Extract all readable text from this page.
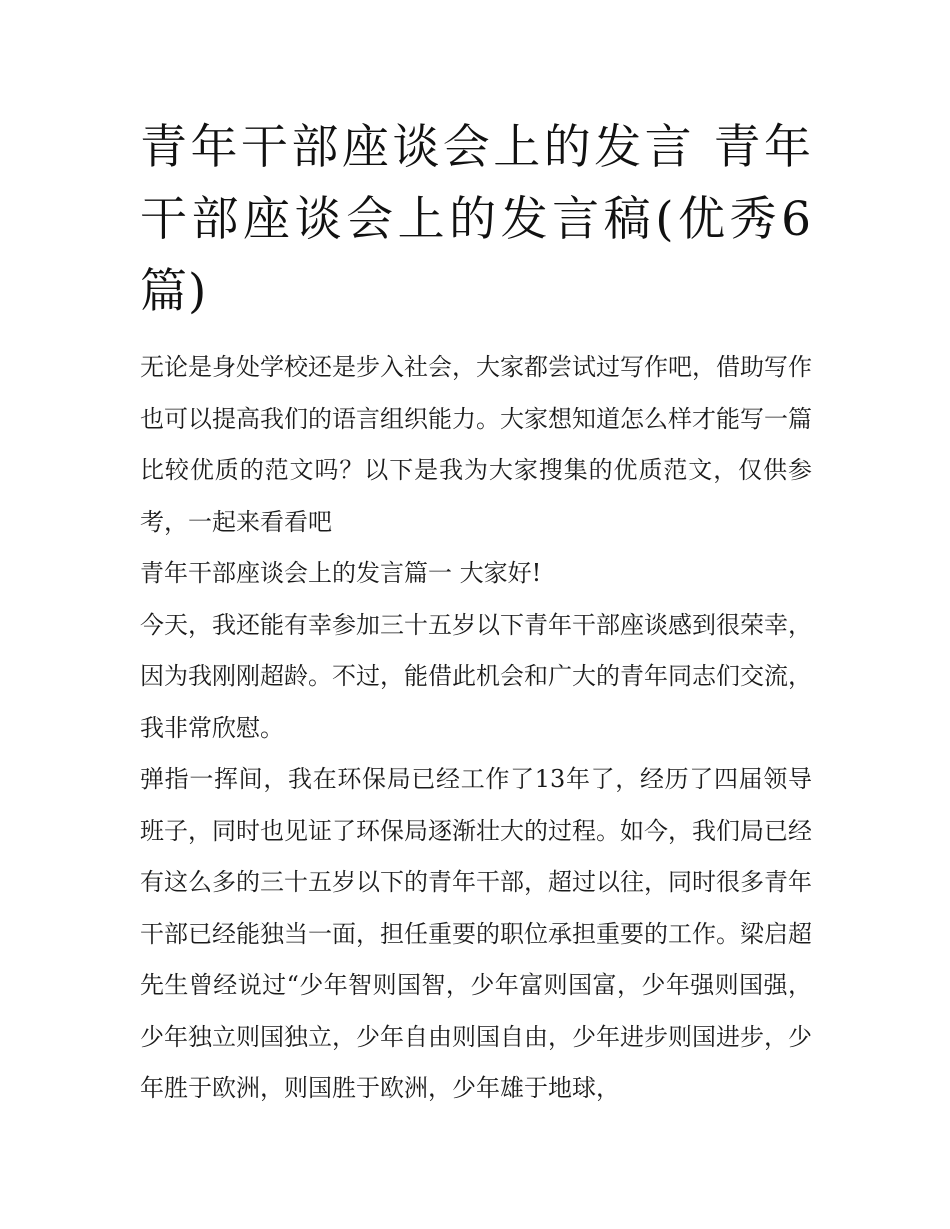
青年干部座谈会上的发言 青年干部座谈会上的发言稿(优秀6篇)

无论是身处学校还是步入社会，大家都尝试过写作吧，借助写作也可以提高我们的语言组织能力。大家想知道怎么样才能写一篇比较优质的范文吗？以下是我为大家搜集的优质范文，仅供参考，一起来看看吧

青年干部座谈会上的发言篇一 大家好!

今天，我还能有幸参加三十五岁以下青年干部座谈感到很荣幸，因为我刚刚超龄。不过，能借此机会和广大的青年同志们交流，我非常欣慰。

弹指一挥间，我在环保局已经工作了13年了，经历了四届领导班子，同时也见证了环保局逐渐壮大的过程。如今，我们局已经有这么多的三十五岁以下的青年干部，超过以往，同时很多青年干部已经能独当一面，担任重要的职位承担重要的工作。梁启超先生曾经说过“少年智则国智，少年富则国富，少年强则国强，少年独立则国独立，少年自由则国自由，少年进步则国进步，少年胜于欧洲，则国胜于欧洲，少年雄于地球，
